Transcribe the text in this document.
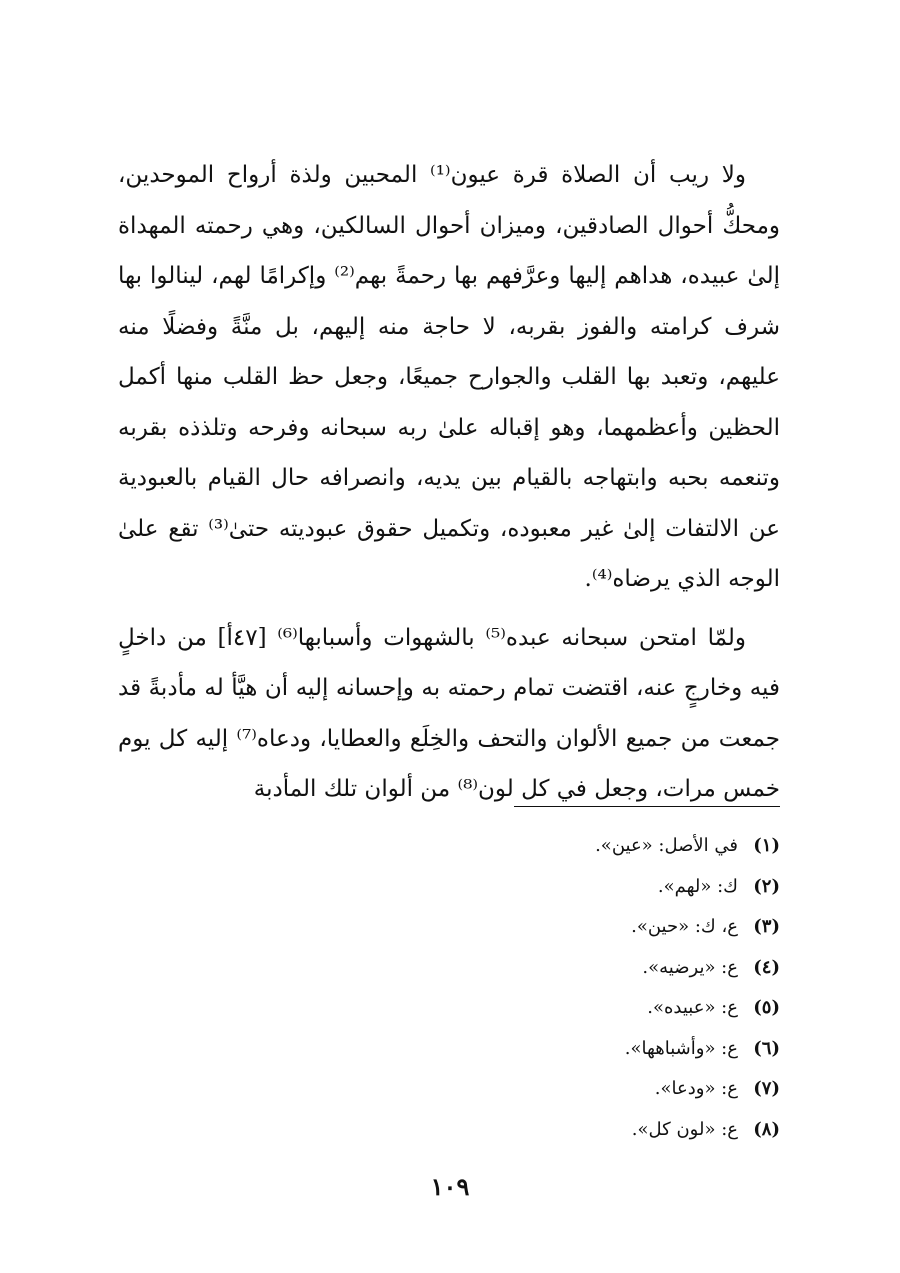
ولا ريب أن الصلاة قرة عيون⁽¹⁾ المحبين ولذة أرواح الموحدين، ومحكُّ أحوال الصادقين، وميزان أحوال السالكين، وهي رحمته المهداة إلىٰ عبيده، هداهم إليها وعرَّفهم بها رحمةً بهم⁽²⁾ وإكرامًا لهم، لينالوا بها شرف كرامته والفوز بقربه، لا حاجة منه إليهم، بل منَّةً وفضلًا منه عليهم، وتعبد بها القلب والجوارح جميعًا، وجعل حظ القلب منها أكمل الحظين وأعظمهما، وهو إقباله علىٰ ربه سبحانه وفرحه وتلذذه بقربه وتنعمه بحبه وابتهاجه بالقيام بين يديه، وانصرافه حال القيام بالعبودية عن الالتفات إلىٰ غير معبوده، وتكميل حقوق عبوديته حتىٰ⁽³⁾ تقع علىٰ الوجه الذي يرضاه⁽⁴⁾.

ولمّا امتحن سبحانه عبده⁽⁵⁾ بالشهوات وأسبابها⁽⁶⁾ [٤٧أ] من داخلٍ فيه وخارجٍ عنه، اقتضت تمام رحمته به وإحسانه إليه أن هيَّأ له مأدبةً قد جمعت من جميع الألوان والتحف والخِلَع والعطايا، ودعاه⁽⁷⁾ إليه كل يوم خمس مرات، وجعل في كل لون⁽⁸⁾ من ألوان تلك المأدبة

(١)في الأصل: «عين».
(٢)ك: «لهم».
(٣)ع، ك: «حين».
(٤)ع: «يرضيه».
(٥)ع: «عبيده».
(٦)ع: «وأشباهها».
(٧)ع: «ودعا».
(٨)ع: «لون كل».
١٠٩
